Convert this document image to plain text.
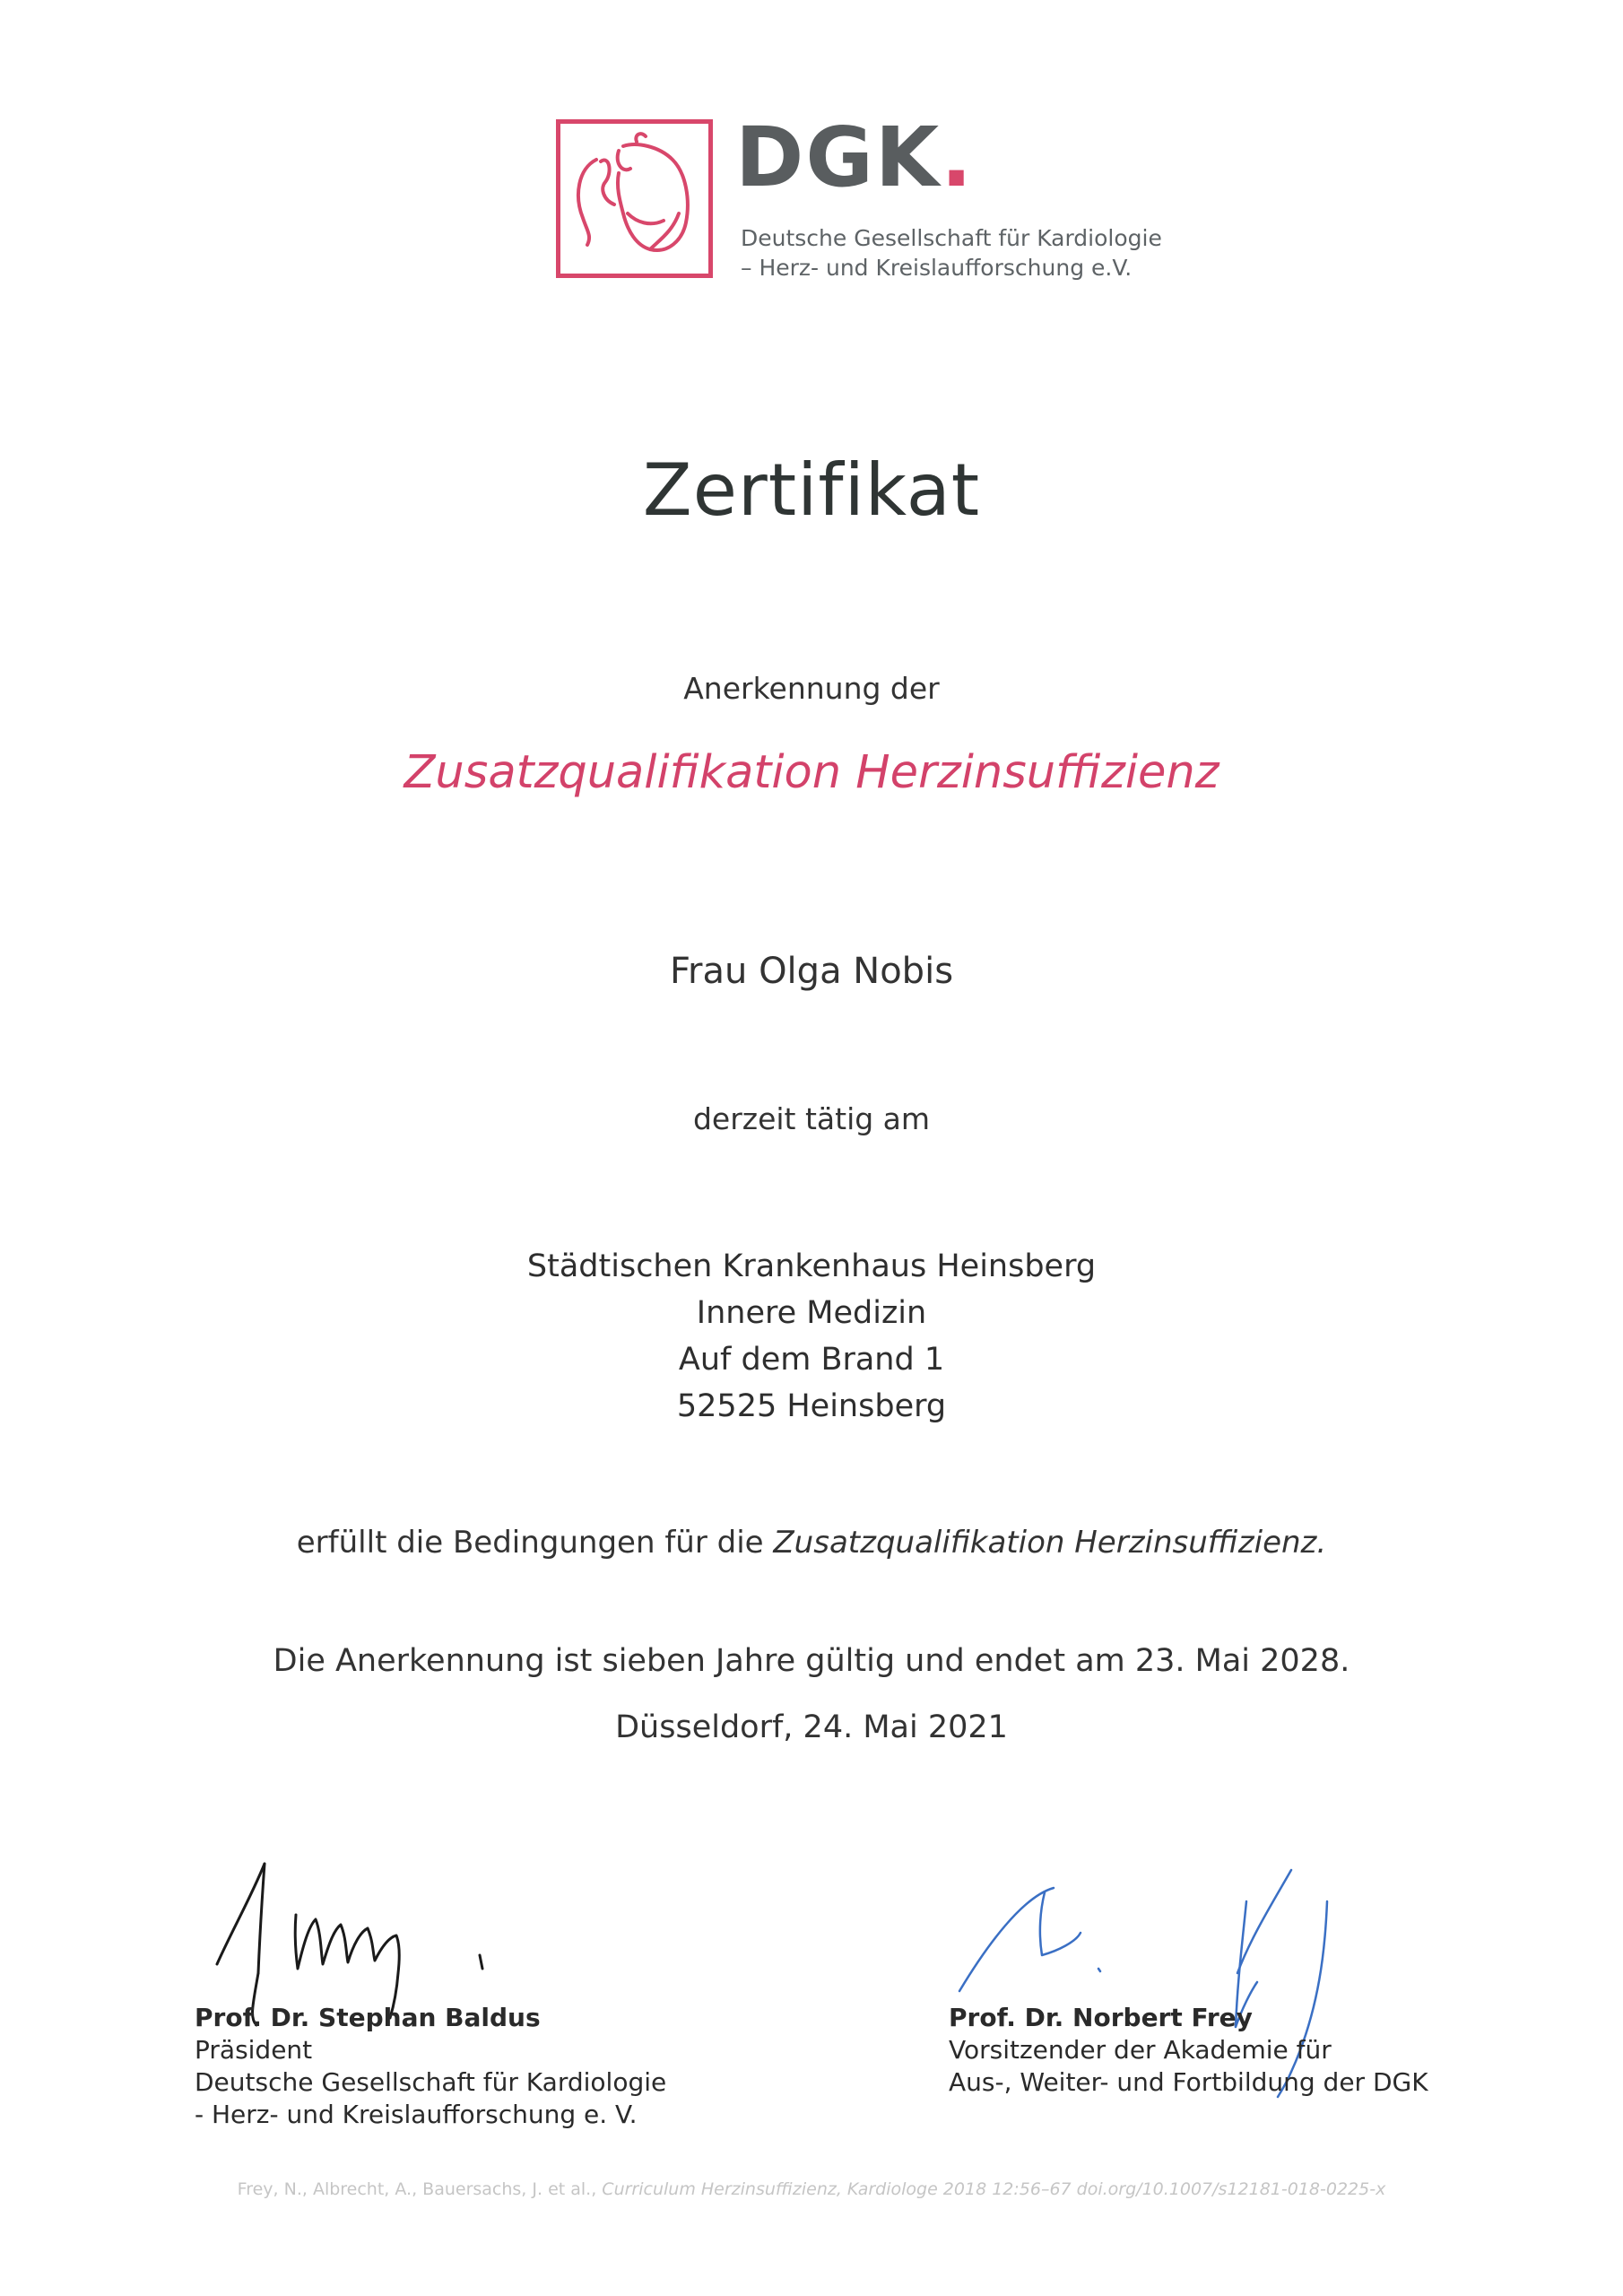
DGK.
Deutsche Gesellschaft für Kardiologie
– Herz- und Kreislaufforschung e.V.
Zertifikat
Anerkennung der
Zusatzqualifikation Herzinsuffizienz
Frau Olga Nobis
derzeit tätig am
Städtischen Krankenhaus Heinsberg
Innere Medizin
Auf dem Brand 1
52525 Heinsberg
erfüllt die Bedingungen für die Zusatzqualifikation Herzinsuffizienz.
Die Anerkennung ist sieben Jahre gültig und endet am 23. Mai 2028.
Düsseldorf, 24. Mai 2021
Prof. Dr. Stephan Baldus
Präsident
Deutsche Gesellschaft für Kardiologie
- Herz- und Kreislaufforschung e. V.
Prof. Dr. Norbert Frey
Vorsitzender der Akademie für
Aus-, Weiter- und Fortbildung der DGK
Frey, N., Albrecht, A., Bauersachs, J. et al., Curriculum Herzinsuffizienz, Kardiologe 2018 12:56–67 doi.org/10.1007/s12181-018-0225-x
